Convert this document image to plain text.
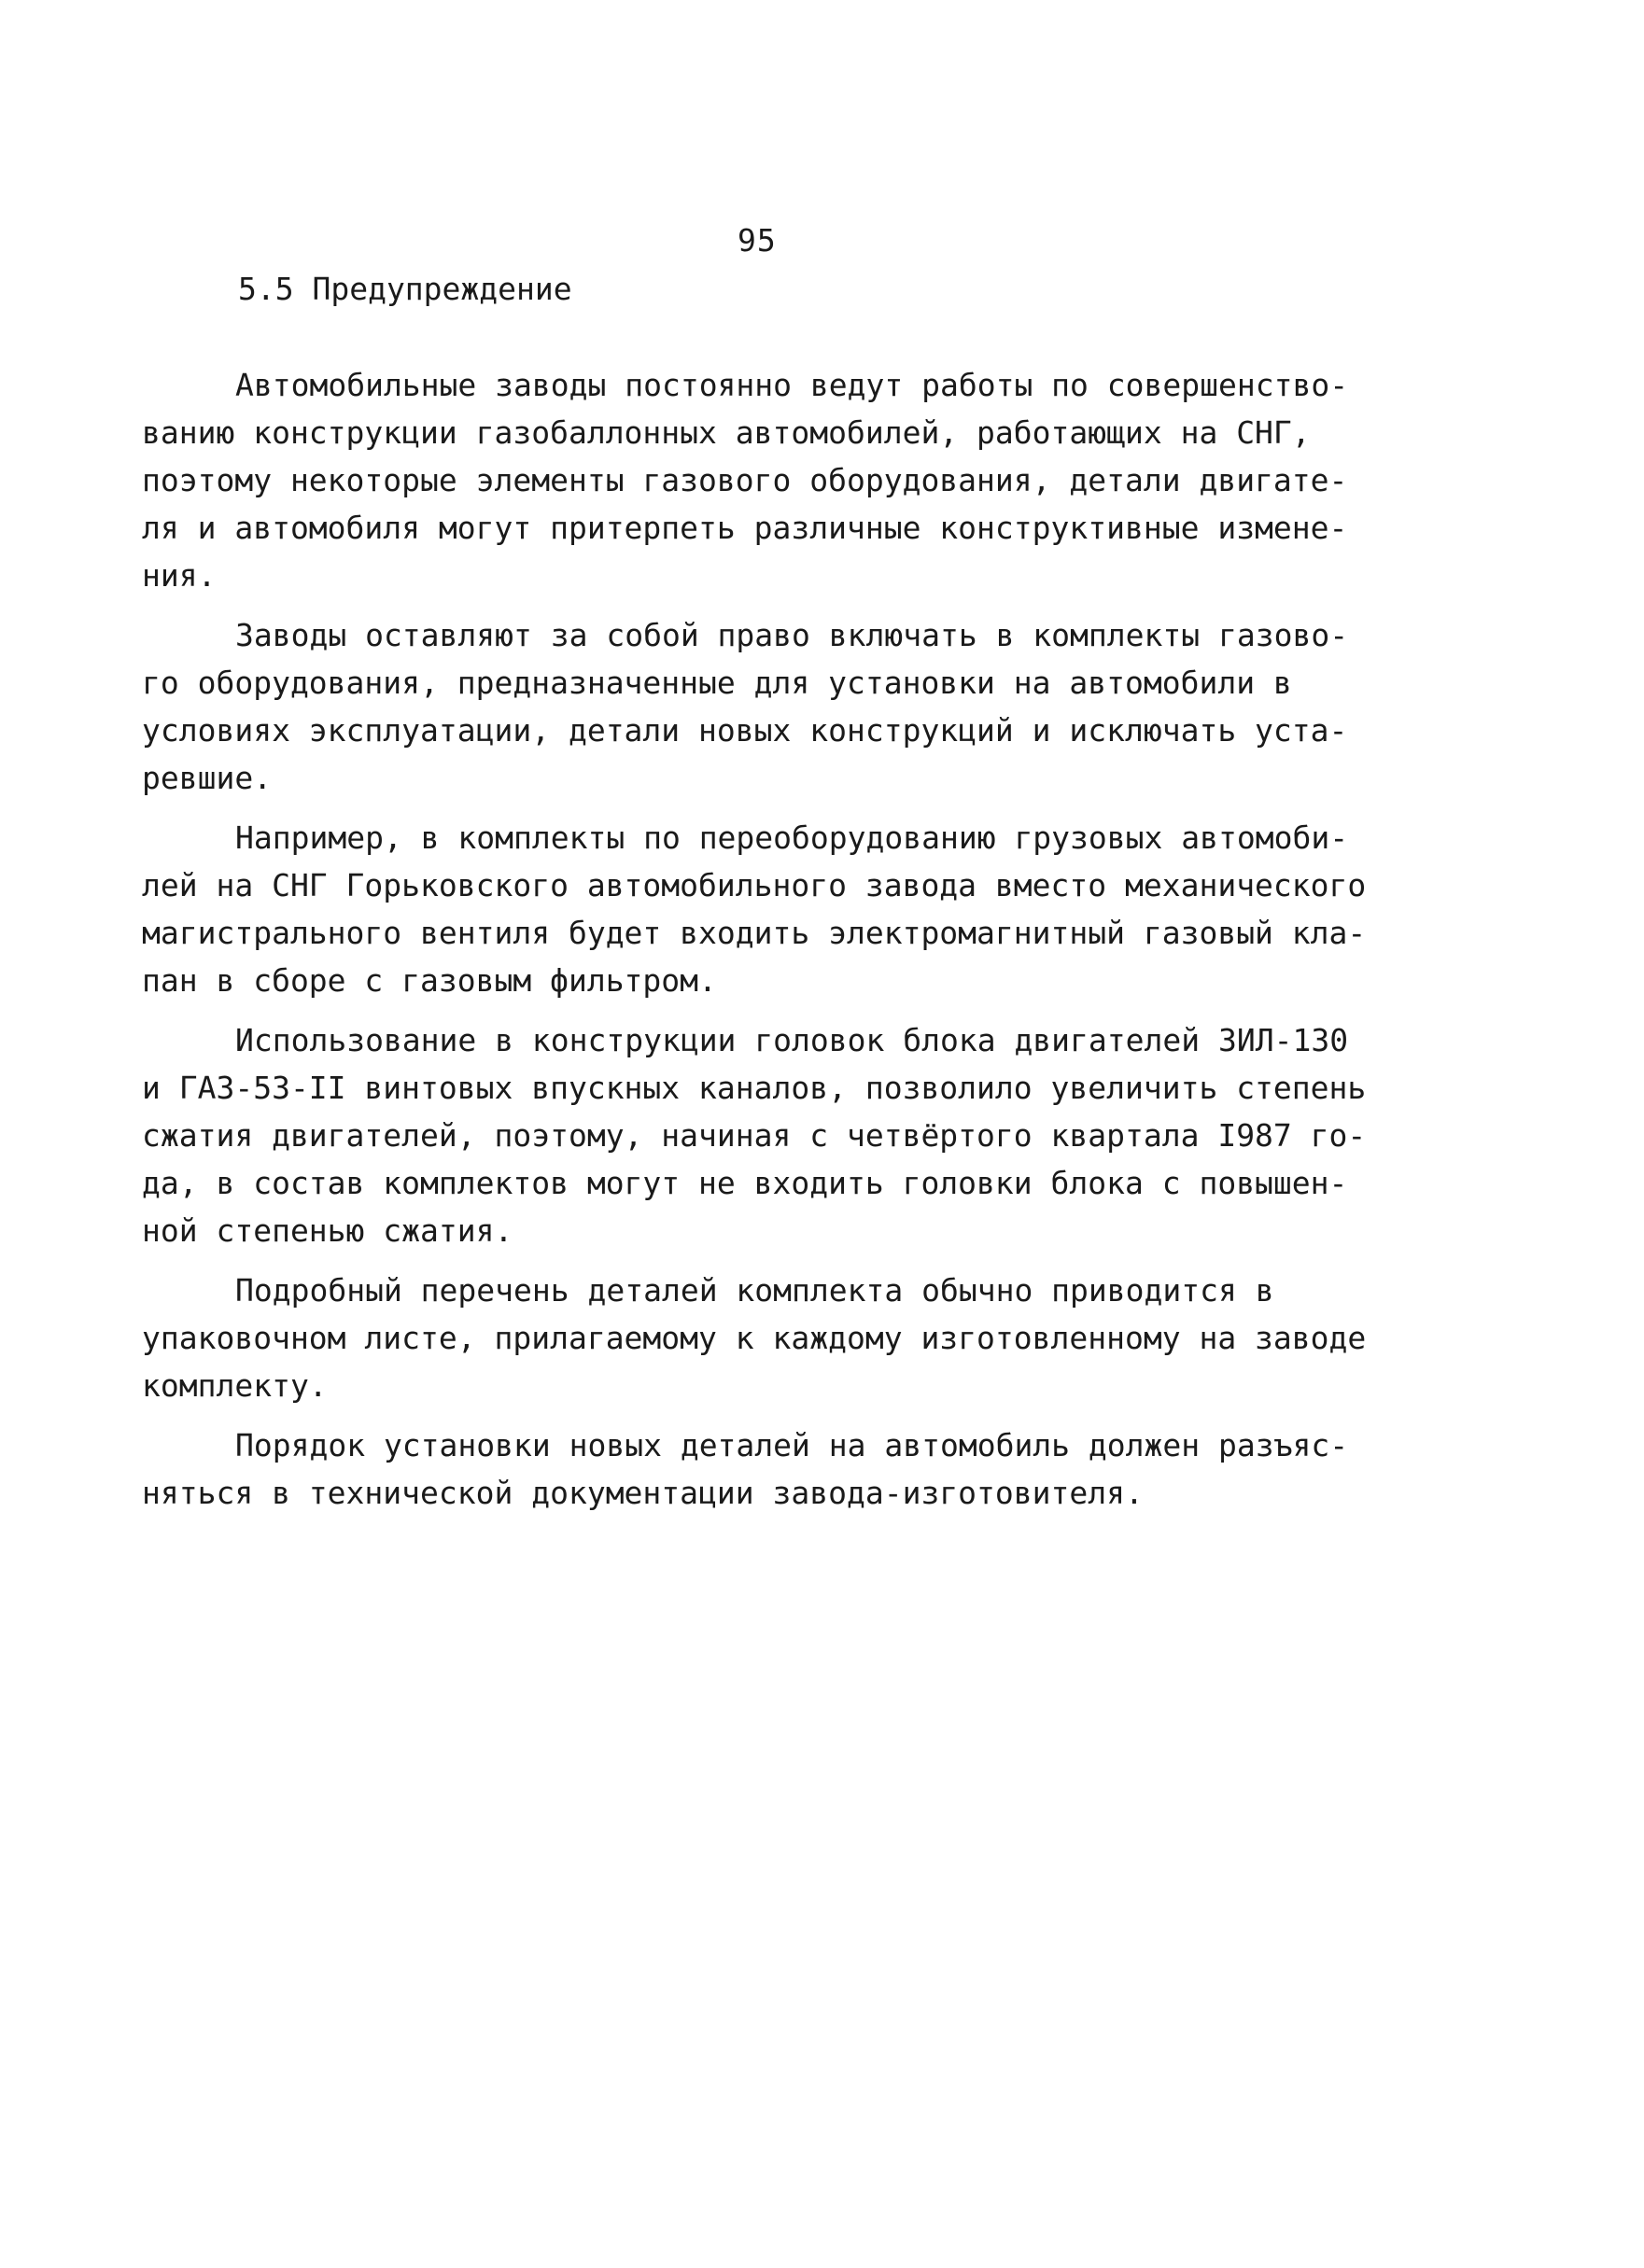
95
5.5 Предупреждение
Автомобильные заводы постоянно ведут работы по совершенство-
ванию конструкции газобаллонных автомобилей, работающих на СНГ,
поэтому некоторые элементы газового оборудования, детали двигате-
ля и автомобиля могут притерпеть различные конструктивные измене-
ния.
Заводы оставляют за собой право включать в комплекты газово-
го оборудования, предназначенные для установки на автомобили в
условиях эксплуатации, детали новых конструкций и исключать уста-
ревшие.
Например, в комплекты по переоборудованию грузовых автомоби-
лей на СНГ Горьковского автомобильного завода вместо механического
магистрального вентиля будет входить электромагнитный газовый кла-
пан в сборе с газовым фильтром.
Использование в конструкции головок блока двигателей ЗИЛ-130
и ГАЗ-53-II винтовых впускных каналов, позволило увеличить степень
сжатия двигателей, поэтому, начиная с четвёртого квартала I987 го-
да, в состав комплектов могут не входить головки блока с повышен-
ной степенью сжатия.
Подробный перечень деталей комплекта обычно приводится в
упаковочном листе, прилагаемому к каждому изготовленному на заводе
комплекту.
Порядок установки новых деталей на автомобиль должен разъяс-
няться в технической документации завода-изготовителя.
